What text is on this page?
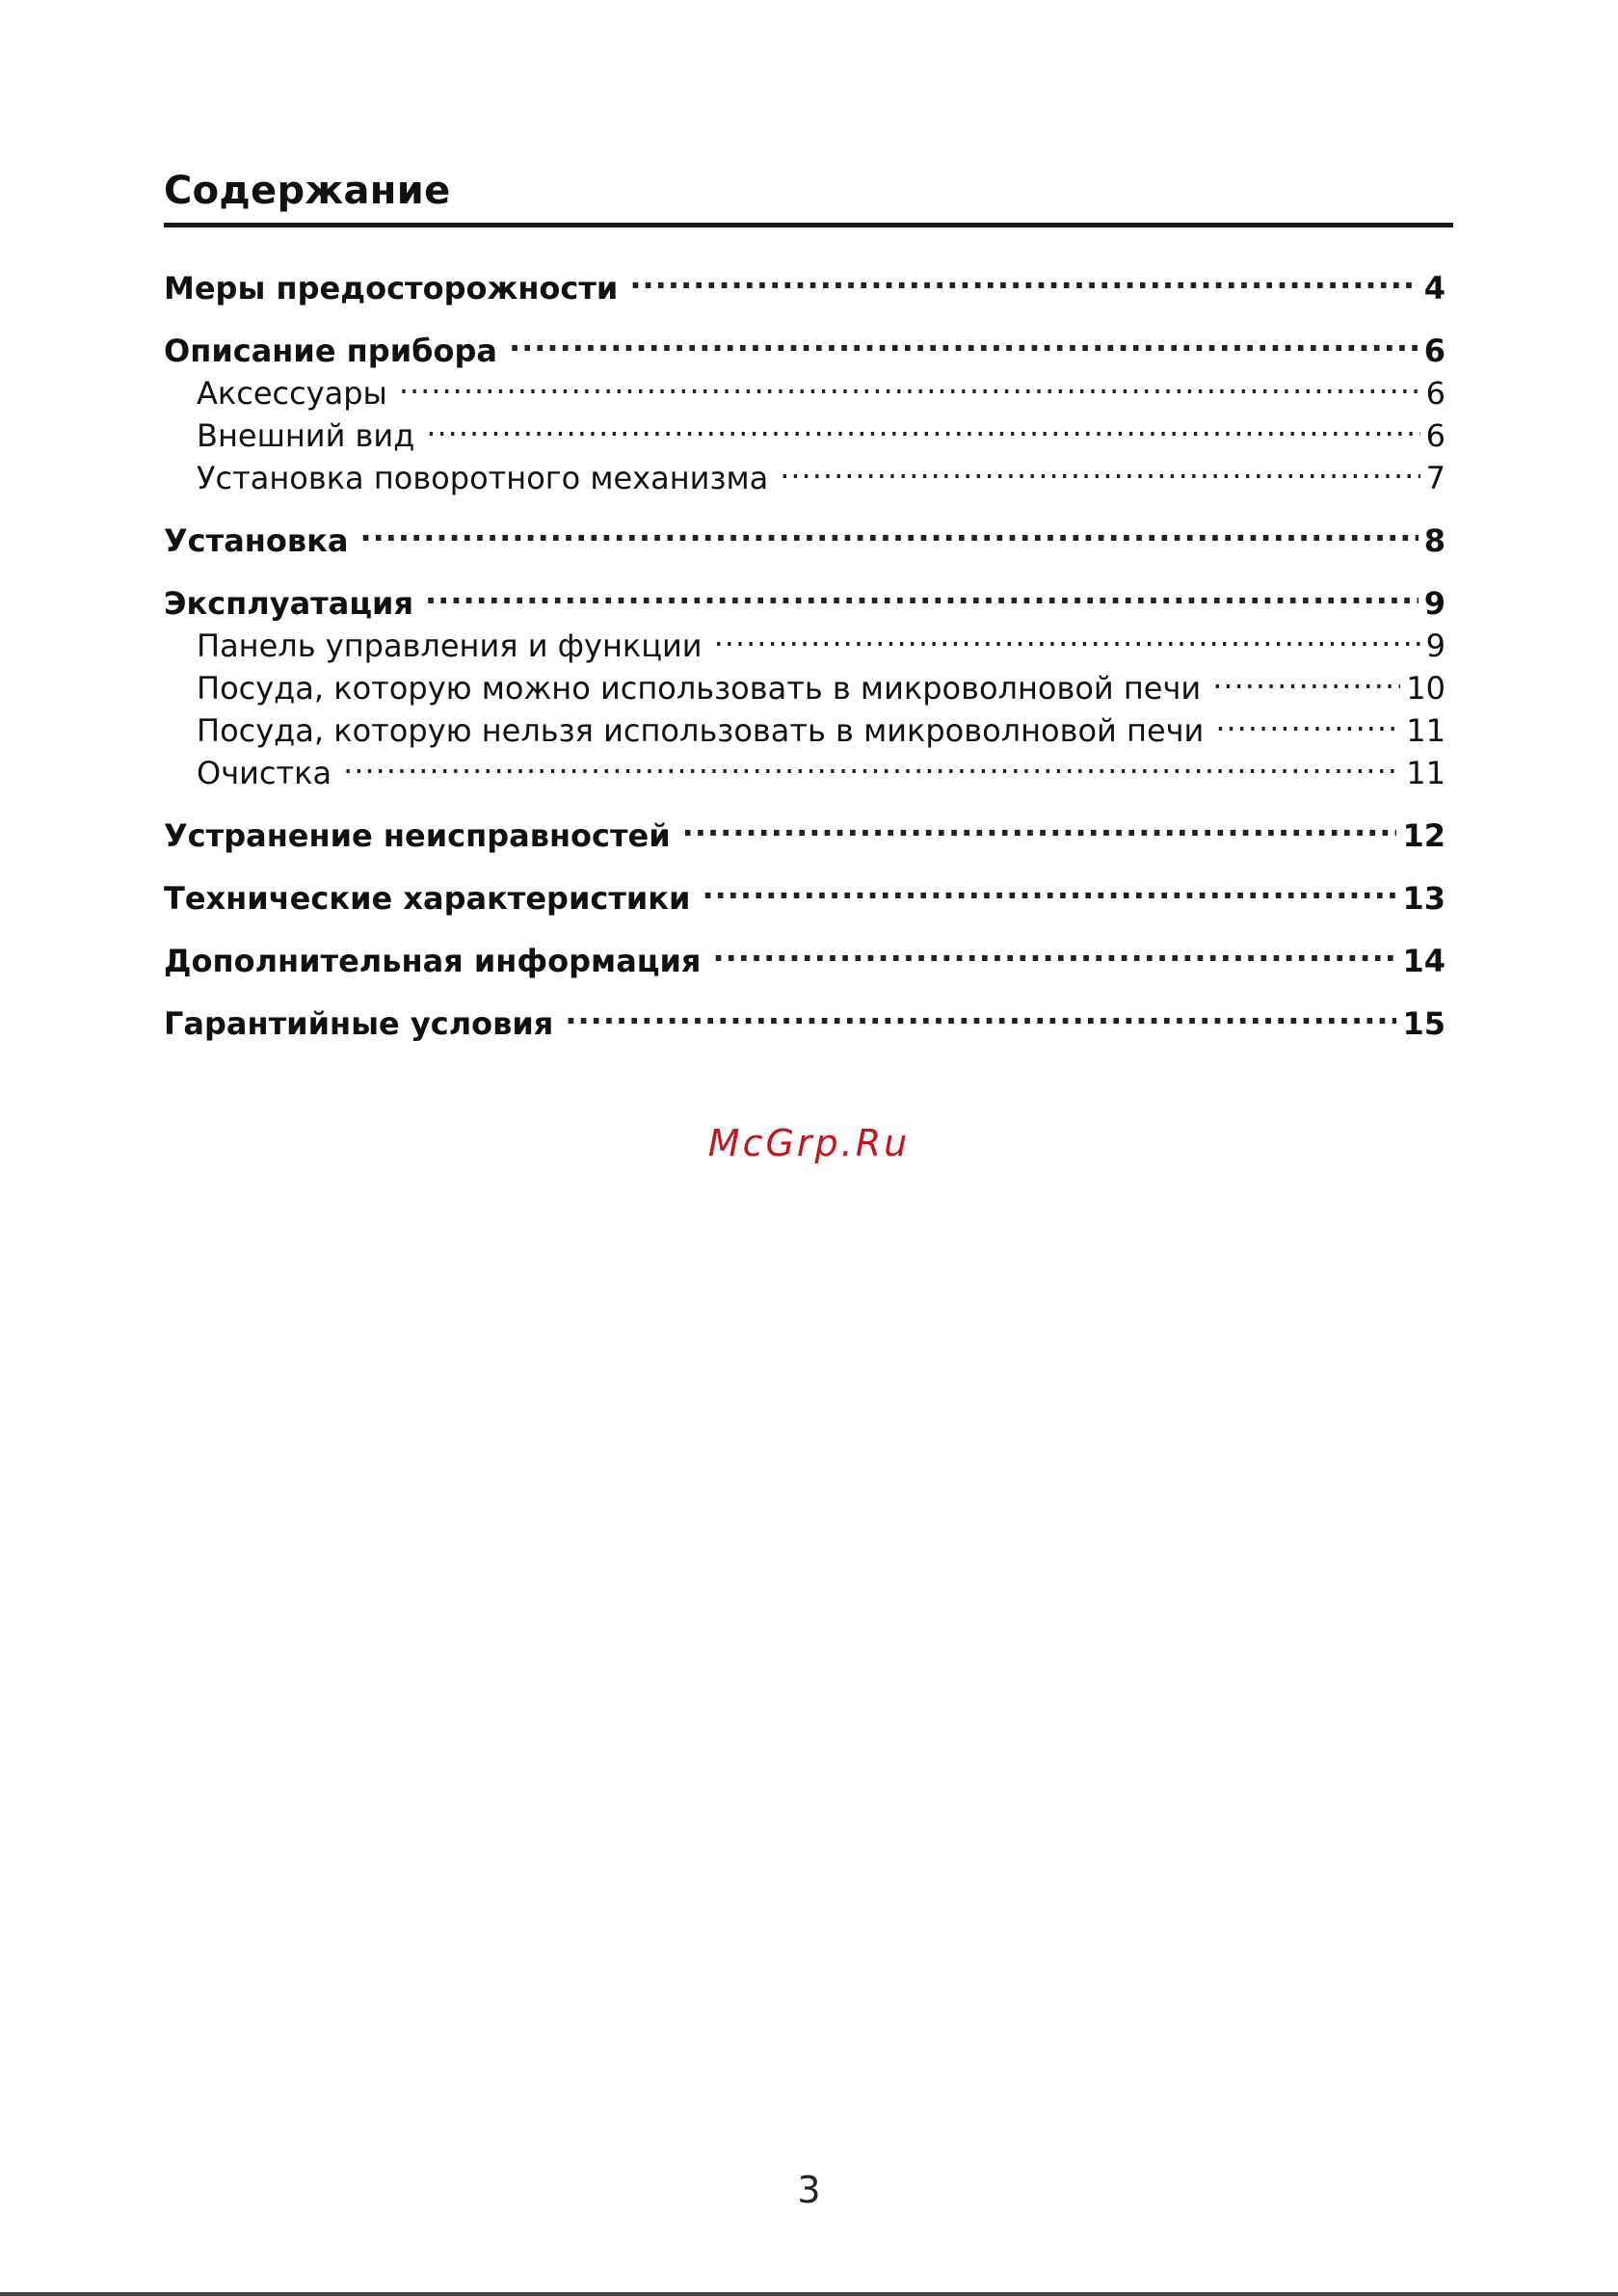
Содержание
Меры предосторожности .....	4
Описание прибора .....	6
Аксессуары .....	6
Внешний вид .....	6
Установка поворотного механизма .....	7
Установка .....	8
Эксплуатация .....	9
Панель управления и функции .....	9
Посуда, которую можно использовать в микроволновой печи .....	10
Посуда, которую нельзя использовать в микроволновой печи .....	11
Очистка .....	11
Устранение неисправностей .....	12
Технические характеристики .....	13
Дополнительная информация .....	14
Гарантийные условия .....	15
McGrp.Ru
3
